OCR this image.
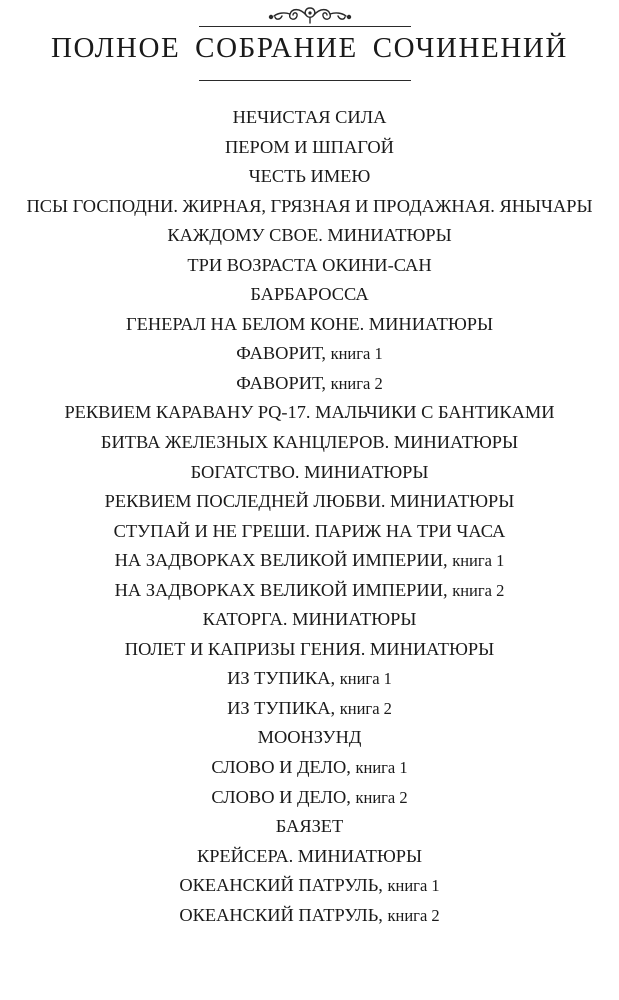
ПОЛНОЕ СОБРАНИЕ СОЧИНЕНИЙ
НЕЧИСТАЯ СИЛА
ПЕРОМ И ШПАГОЙ
ЧЕСТЬ ИМЕЮ
ПСЫ ГОСПОДНИ. ЖИРНАЯ, ГРЯЗНАЯ И ПРОДАЖНАЯ. ЯНЫЧАРЫ
КАЖДОМУ СВОЕ. МИНИАТЮРЫ
ТРИ ВОЗРАСТА ОКИНИ-САН
БАРБАРОССА
ГЕНЕРАЛ НА БЕЛОМ КОНЕ. МИНИАТЮРЫ
ФАВОРИТ, книга 1
ФАВОРИТ, книга 2
РЕКВИЕМ КАРАВАНУ PQ-17. МАЛЬЧИКИ С БАНТИКАМИ
БИТВА ЖЕЛЕЗНЫХ КАНЦЛЕРОВ. МИНИАТЮРЫ
БОГАТСТВО. МИНИАТЮРЫ
РЕКВИЕМ ПОСЛЕДНЕЙ ЛЮБВИ. МИНИАТЮРЫ
СТУПАЙ И НЕ ГРЕШИ. ПАРИЖ НА ТРИ ЧАСА
НА ЗАДВОРКАХ ВЕЛИКОЙ ИМПЕРИИ, книга 1
НА ЗАДВОРКАХ ВЕЛИКОЙ ИМПЕРИИ, книга 2
КАТОРГА. МИНИАТЮРЫ
ПОЛЕТ И КАПРИЗЫ ГЕНИЯ. МИНИАТЮРЫ
ИЗ ТУПИКА, книга 1
ИЗ ТУПИКА, книга 2
МООНЗУНД
СЛОВО И ДЕЛО, книга 1
СЛОВО И ДЕЛО, книга 2
БАЯЗЕТ
КРЕЙСЕРА. МИНИАТЮРЫ
ОКЕАНСКИЙ ПАТРУЛЬ, книга 1
ОКЕАНСКИЙ ПАТРУЛЬ, книга 2
